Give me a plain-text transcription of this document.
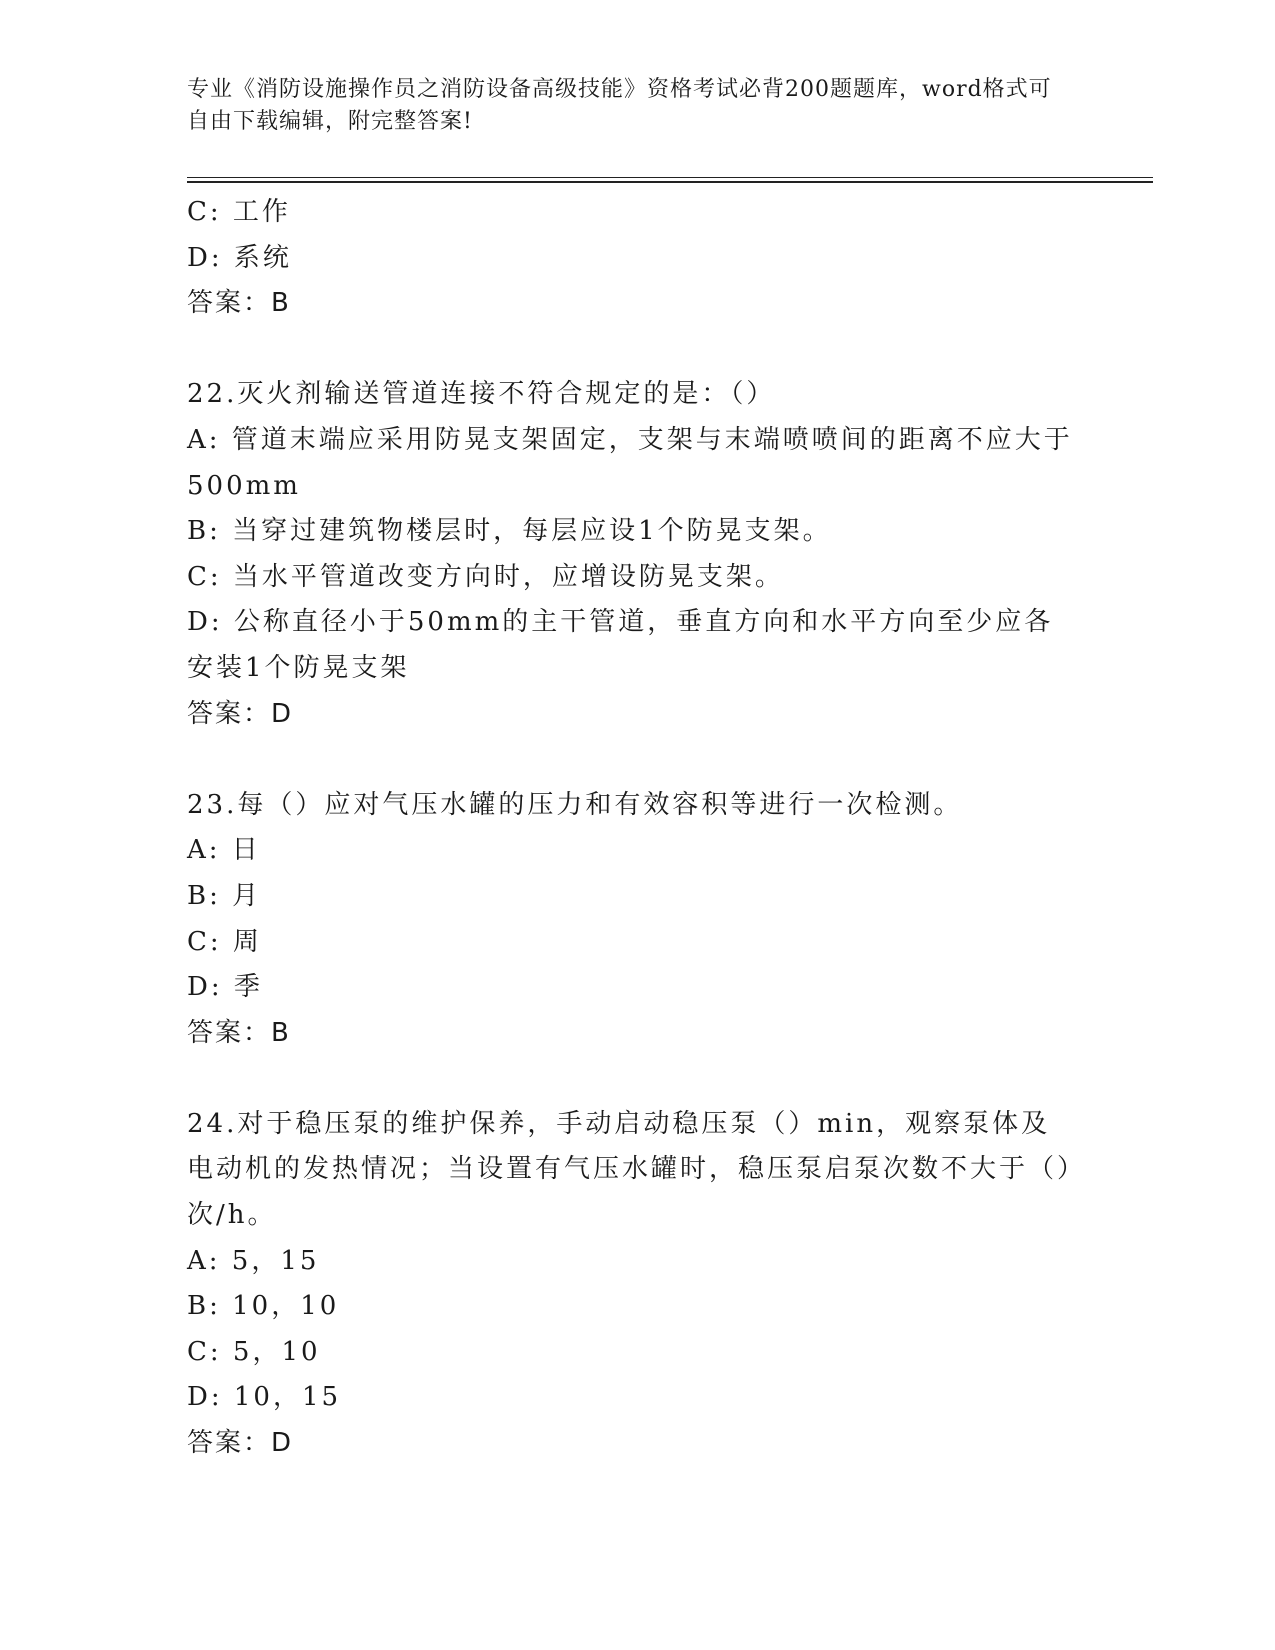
专业《消防设施操作员之消防设备高级技能》资格考试必背200题题库，word格式可自由下载编辑，附完整答案!

C: 工作

D: 系统

答案：B

22.灭火剂输送管道连接不符合规定的是：（）

A: 管道末端应采用防晃支架固定，支架与末端喷喷间的距离不应大于500mm

B: 当穿过建筑物楼层时，每层应设1个防晃支架。

C: 当水平管道改变方向时，应增设防晃支架。

D: 公称直径小于50mm的主干管道，垂直方向和水平方向至少应各安装1个防晃支架

答案：D

23.每（）应对气压水罐的压力和有效容积等进行一次检测。

A: 日

B: 月

C: 周

D: 季

答案：B

24.对于稳压泵的维护保养，手动启动稳压泵（）min，观察泵体及电动机的发热情况；当设置有气压水罐时，稳压泵启泵次数不大于（）次/h。

A: 5，15

B: 10，10

C: 5，10

D: 10，15

答案：D
